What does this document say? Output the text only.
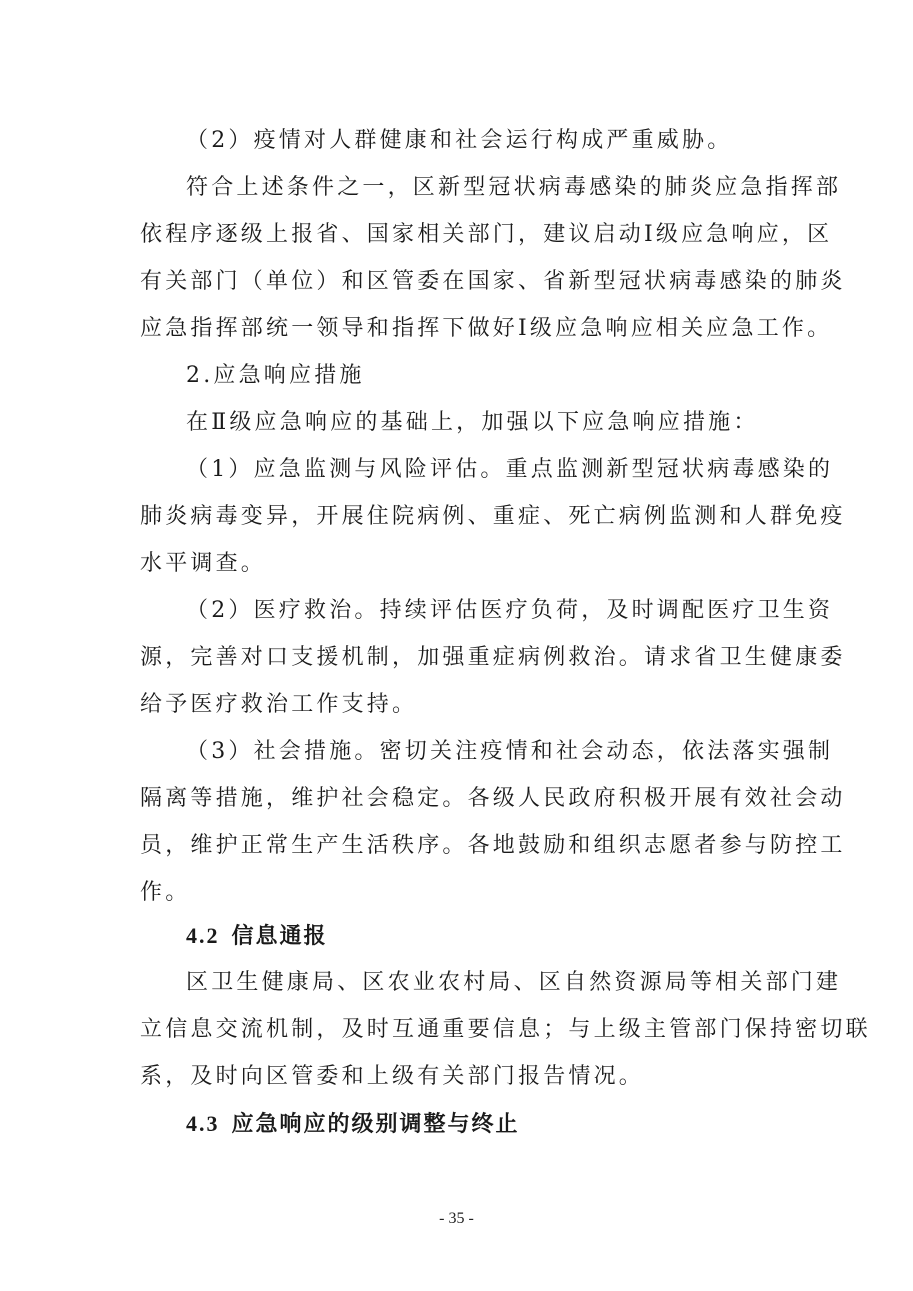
（2）疫情对人群健康和社会运行构成严重威胁。
符合上述条件之一，区新型冠状病毒感染的肺炎应急指挥部
依程序逐级上报省、国家相关部门，建议启动Ⅰ级应急响应，区
有关部门（单位）和区管委在国家、省新型冠状病毒感染的肺炎
应急指挥部统一领导和指挥下做好Ⅰ级应急响应相关应急工作。
2.应急响应措施
在Ⅱ级应急响应的基础上，加强以下应急响应措施：
（1）应急监测与风险评估。重点监测新型冠状病毒感染的
肺炎病毒变异，开展住院病例、重症、死亡病例监测和人群免疫
水平调查。
（2）医疗救治。持续评估医疗负荷，及时调配医疗卫生资
源，完善对口支援机制，加强重症病例救治。请求省卫生健康委
给予医疗救治工作支持。
（3）社会措施。密切关注疫情和社会动态，依法落实强制
隔离等措施，维护社会稳定。各级人民政府积极开展有效社会动
员，维护正常生产生活秩序。各地鼓励和组织志愿者参与防控工
作。
4.2 信息通报
区卫生健康局、区农业农村局、区自然资源局等相关部门建
立信息交流机制，及时互通重要信息；与上级主管部门保持密切联
系，及时向区管委和上级有关部门报告情况。
4.3 应急响应的级别调整与终止
- 35 -
